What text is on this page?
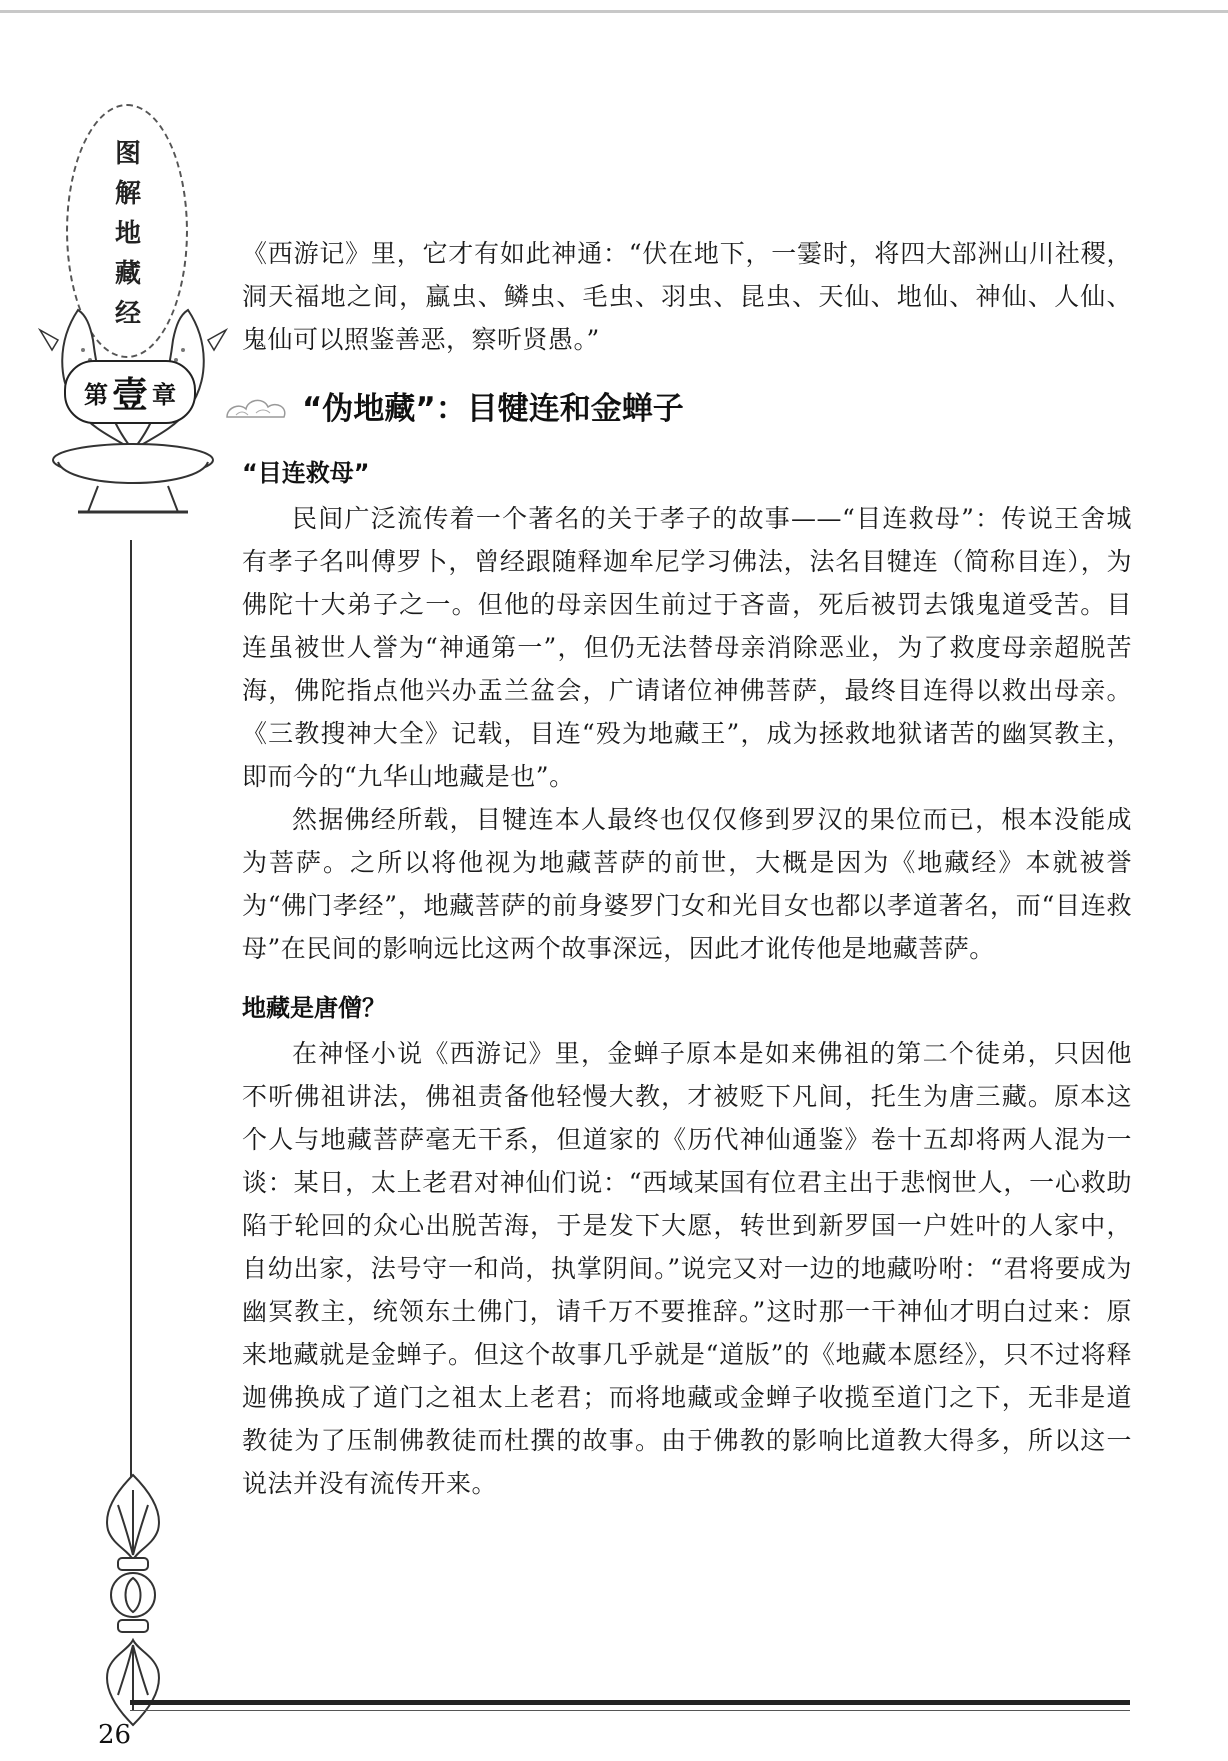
图
解
地
藏
经
第 壹 章

《西游记》里，它才有如此神通：“伏在地下，一霎时，将四大部洲山川社稷，洞天福地之间，蠃虫、鳞虫、毛虫、羽虫、昆虫、天仙、地仙、神仙、人仙、鬼仙可以照鉴善恶，察听贤愚。”

“伪地藏”：目犍连和金蝉子
“目连救母”

民间广泛流传着一个著名的关于孝子的故事——“目连救母”：传说王舍城有孝子名叫傅罗卜，曾经跟随释迦牟尼学习佛法，法名目犍连（简称目连），为佛陀十大弟子之一。但他的母亲因生前过于吝啬，死后被罚去饿鬼道受苦。目连虽被世人誉为“神通第一”，但仍无法替母亲消除恶业，为了救度母亲超脱苦海，佛陀指点他兴办盂兰盆会，广请诸位神佛菩萨，最终目连得以救出母亲。《三教搜神大全》记载，目连“殁为地藏王”，成为拯救地狱诸苦的幽冥教主，即而今的“九华山地藏是也”。

然据佛经所载，目犍连本人最终也仅仅修到罗汉的果位而已，根本没能成为菩萨。之所以将他视为地藏菩萨的前世，大概是因为《地藏经》本就被誉为“佛门孝经”，地藏菩萨的前身婆罗门女和光目女也都以孝道著名，而“目连救母”在民间的影响远比这两个故事深远，因此才讹传他是地藏菩萨。

地藏是唐僧？

在神怪小说《西游记》里，金蝉子原本是如来佛祖的第二个徒弟，只因他不听佛祖讲法，佛祖责备他轻慢大教，才被贬下凡间，托生为唐三藏。原本这个人与地藏菩萨毫无干系，但道家的《历代神仙通鉴》卷十五却将两人混为一谈：某日，太上老君对神仙们说：“西域某国有位君主出于悲悯世人，一心救助陷于轮回的众心出脱苦海，于是发下大愿，转世到新罗国一户姓叶的人家中，自幼出家，法号守一和尚，执掌阴间。”说完又对一边的地藏吩咐：“君将要成为幽冥教主，统领东土佛门，请千万不要推辞。”这时那一干神仙才明白过来：原来地藏就是金蝉子。但这个故事几乎就是“道版”的《地藏本愿经》，只不过将释迦佛换成了道门之祖太上老君；而将地藏或金蝉子收揽至道门之下，无非是道教徒为了压制佛教徒而杜撰的故事。由于佛教的影响比道教大得多，所以这一说法并没有流传开来。

26
